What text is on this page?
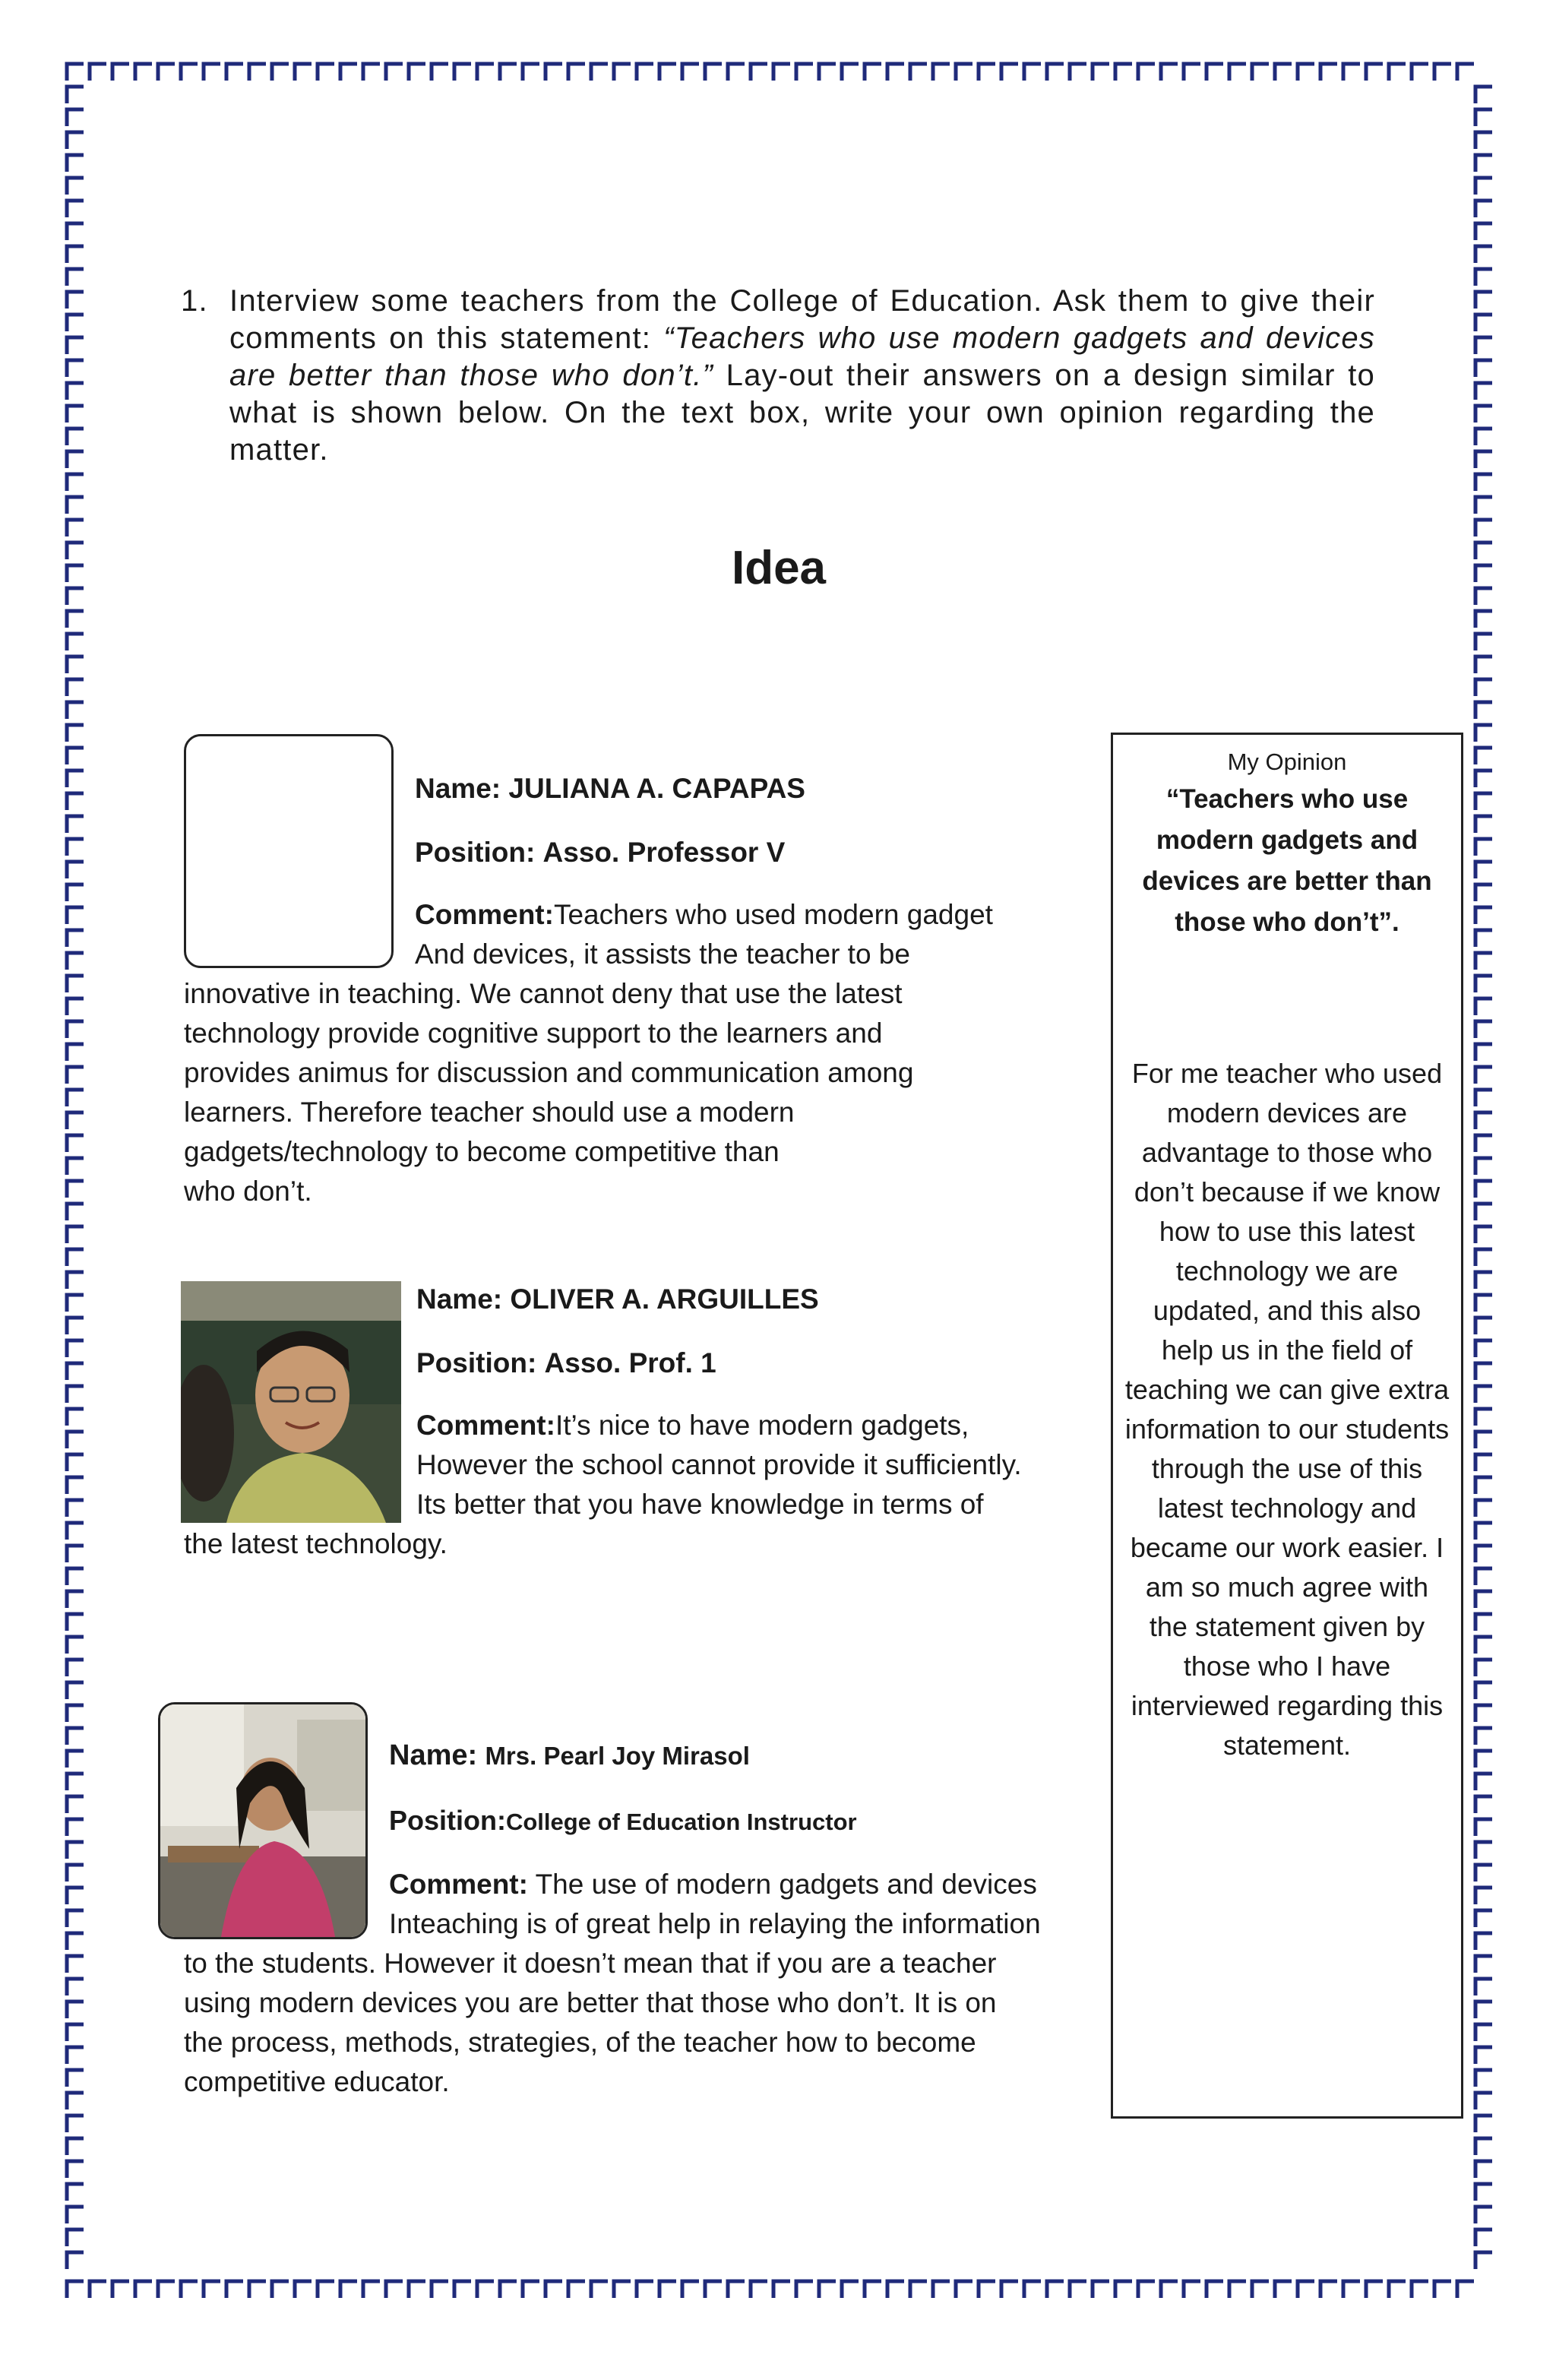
1. Interview some teachers from the College of Education. Ask them to give their comments on this statement: “Teachers who use modern gadgets and devices are better than those who don’t.” Lay-out their answers on a design similar to what is shown below. On the text box, write your own opinion regarding the matter.

Idea
Name: JULIANA A. CAPAPAS
Position: Asso. Professor V
Comment:Teachers who used modern gadget
And devices, it assists the teacher to be
innovative in teaching. We cannot deny that use the latest
technology provide cognitive support to the learners and
provides animus for discussion and communication among
learners. Therefore teacher should use a modern
gadgets/technology to become competitive than
who don’t.
Name: OLIVER A. ARGUILLES
Position: Asso. Prof. 1
Comment:It’s nice to have modern gadgets,
However the school cannot provide it sufficiently.
Its better that you have knowledge in terms of
the latest technology.
Name: Mrs. Pearl Joy Mirasol
Position:College of Education Instructor
Comment: The use of modern gadgets and devices
Inteaching is of great help in relaying the information
to the students. However it doesn’t mean that if you are a teacher
using modern devices you are better that those who don’t. It is on
the process, methods, strategies, of the teacher how to become
competitive educator.
My Opinion
“Teachers who use modern gadgets and devices are better than those who don’t”.
For me teacher who used modern devices are advantage to those who don’t because if we know how to use this latest technology we are updated, and this also help us in the field of teaching we can give extra information to our students through the use of this latest technology and became our work easier. I am so much agree with the statement given by those who I have interviewed regarding this statement.
